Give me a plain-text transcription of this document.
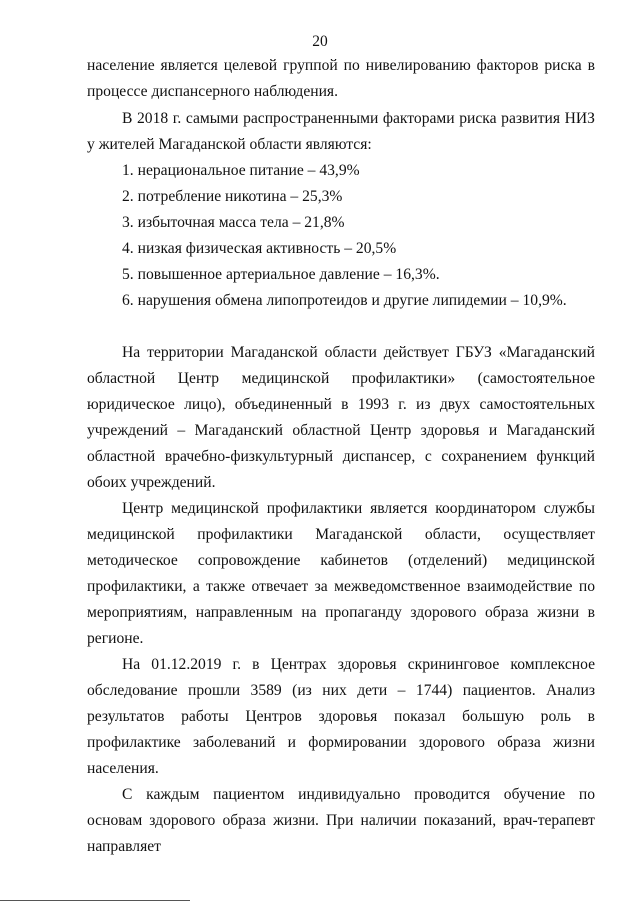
20

население является целевой группой по нивелированию факторов риска в процессе диспансерного наблюдения.

В 2018 г. самыми распространенными факторами риска развития НИЗ у жителей Магаданской области являются:

1. нерациональное питание – 43,9%
2. потребление никотина – 25,3%
3. избыточная масса тела – 21,8%
4. низкая физическая активность – 20,5%
5. повышенное артериальное давление – 16,3%.
6. нарушения обмена липопротеидов и другие липидемии – 10,9%.

На территории Магаданской области действует ГБУЗ «Магаданский областной Центр медицинской профилактики» (самостоятельное юридическое лицо), объединенный в 1993 г. из двух самостоятельных учреждений – Магаданский областной Центр здоровья и Магаданский областной врачебно-физкультурный диспансер, с сохранением функций обоих учреждений.

Центр медицинской профилактики является координатором службы медицинской профилактики Магаданской области, осуществляет методическое сопровождение кабинетов (отделений) медицинской профилактики, а также отвечает за межведомственное взаимодействие по мероприятиям, направленным на пропаганду здорового образа жизни в регионе.

На 01.12.2019 г. в Центрах здоровья скрининговое комплексное обследование прошли 3589 (из них дети – 1744) пациентов. Анализ результатов работы Центров здоровья показал большую роль в профилактике заболеваний и формировании здорового образа жизни населения.

С каждым пациентом индивидуально проводится обучение по основам здорового образа жизни. При наличии показаний, врач-терапевт направляет
